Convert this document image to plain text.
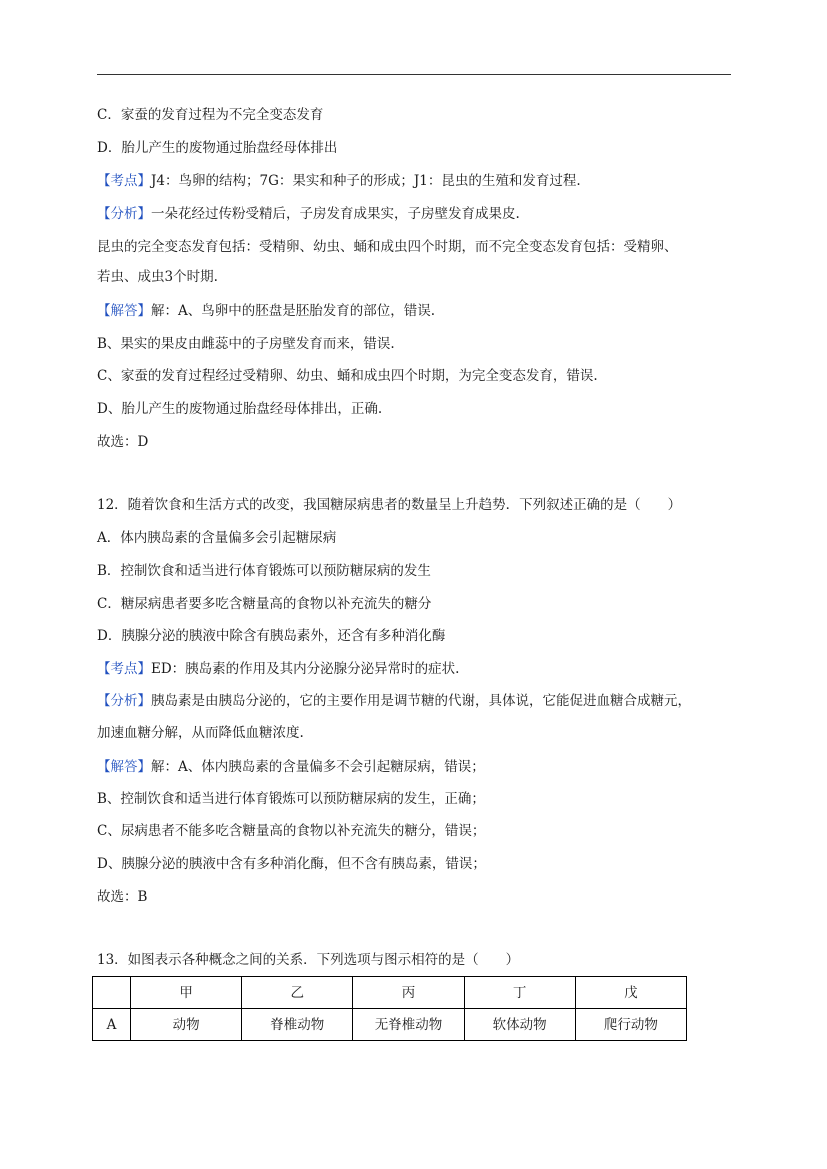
C．家蚕的发育过程为不完全变态发育
D．胎儿产生的废物通过胎盘经母体排出
【考点】J4：鸟卵的结构；7G：果实和种子的形成；J1：昆虫的生殖和发育过程.
【分析】一朵花经过传粉受精后，子房发育成果实，子房壁发育成果皮.
昆虫的完全变态发育包括：受精卵、幼虫、蛹和成虫四个时期，而不完全变态发育包括：受精卵、
若虫、成虫3个时期.
【解答】解：A、鸟卵中的胚盘是胚胎发育的部位，错误.
B、果实的果皮由雌蕊中的子房壁发育而来，错误.
C、家蚕的发育过程经过受精卵、幼虫、蛹和成虫四个时期，为完全变态发育，错误.
D、胎儿产生的废物通过胎盘经母体排出，正确.
故选：D
12．随着饮食和生活方式的改变，我国糖尿病患者的数量呈上升趋势．下列叙述正确的是（　　）
A．体内胰岛素的含量偏多会引起糖尿病
B．控制饮食和适当进行体育锻炼可以预防糖尿病的发生
C．糖尿病患者要多吃含糖量高的食物以补充流失的糖分
D．胰腺分泌的胰液中除含有胰岛素外，还含有多种消化酶
【考点】ED：胰岛素的作用及其内分泌腺分泌异常时的症状.
【分析】胰岛素是由胰岛分泌的，它的主要作用是调节糖的代谢，具体说，它能促进血糖合成糖元，
加速血糖分解，从而降低血糖浓度.
【解答】解：A、体内胰岛素的含量偏多不会引起糖尿病，错误；
B、控制饮食和适当进行体育锻炼可以预防糖尿病的发生，正确；
C、尿病患者不能多吃含糖量高的食物以补充流失的糖分，错误；
D、胰腺分泌的胰液中含有多种消化酶，但不含有胰岛素，错误；
故选：B
13．如图表示各种概念之间的关系．下列选项与图示相符的是（　　）
	甲	乙	丙	丁	戊
A	动物	脊椎动物	无脊椎动物	软体动物	爬行动物
